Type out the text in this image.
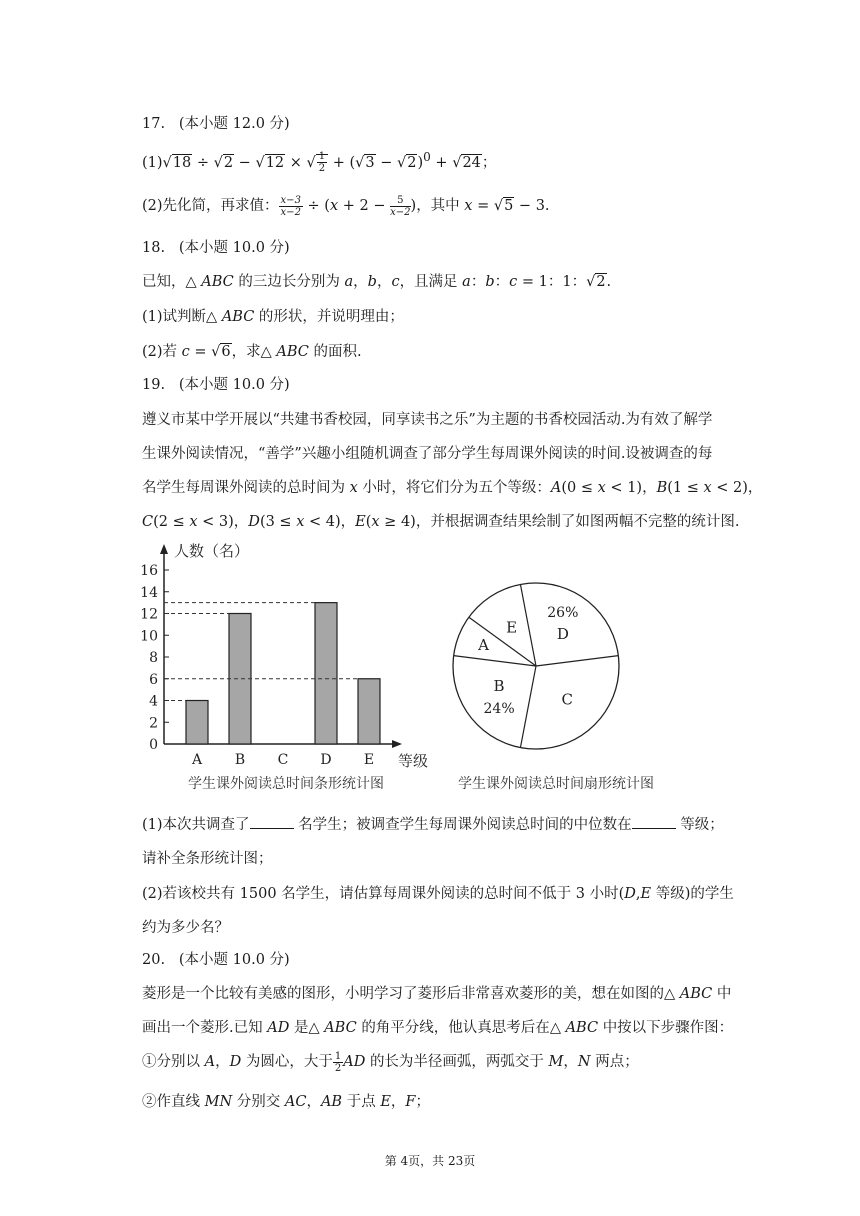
17.   (本小题 12.0 分)
(1)√18 ÷ √2 − √12 × √ $\frac{1}{2} + (√3 - √2)^0 + √24$；
(2)先化简，再求值： $\frac{x-3}{x-2} \div (x + 2 - \frac{5}{x-2}$ )，其中 x = √5 − 3.
18.   (本小题 10.0 分)
已知，△ ABC 的三边长分别为 a，b，c，且满足 a：b：c = 1：1：√2.
(1)试判断△ ABC 的形状，并说明理由；
(2)若 c = √6，求△ ABC 的面积.
19.   (本小题 10.0 分)
遵义市某中学开展以“共建书香校园，同享读书之乐”为主题的书香校园活动.为有效了解学
生课外阅读情况，“善学”兴趣小组随机调查了部分学生每周课外阅读的时间.设被调查的每
名学生每周课外阅读的总时间为 x 小时，将它们分为五个等级：A(0 ≤ x < 1)，B(1 ≤ x < 2)，
C(2 ≤ x < 3)，D(3 ≤ x < 4)，E(x ≥ 4)，并根据调查结果绘制了如图两幅不完整的统计图.
人数（名）
0
2
4
6
8
10
12
14
16
A B C D E 等级
学生课外阅读总时间条形统计图
D
26%
C
B
24%
A
E
学生课外阅读总时间扇形统计图
(1)本次共调查了	名学生；被调查学生每周课外阅读总时间的中位数在	等级；
请补全条形统计图；
(2)若该校共有 1500 名学生，请估算每周课外阅读的总时间不低于 3 小时(D,E 等级)的学生
约为多少名？
20.   (本小题 10.0 分)
菱形是一个比较有美感的图形，小明学习了菱形后非常喜欢菱形的美，想在如图的△ ABC 中
画出一个菱形.已知 AD 是△ ABC 的角平分线，他认真思考后在△ ABC 中按以下步骤作图：
①分别以 A，D 为圆心，大于 $\frac{1}{2}$ AD 的长为半径画弧，两弧交于 M，N 两点；
②作直线 MN 分别交 AC，AB 于点 E，F；
第 4页，共 23页
